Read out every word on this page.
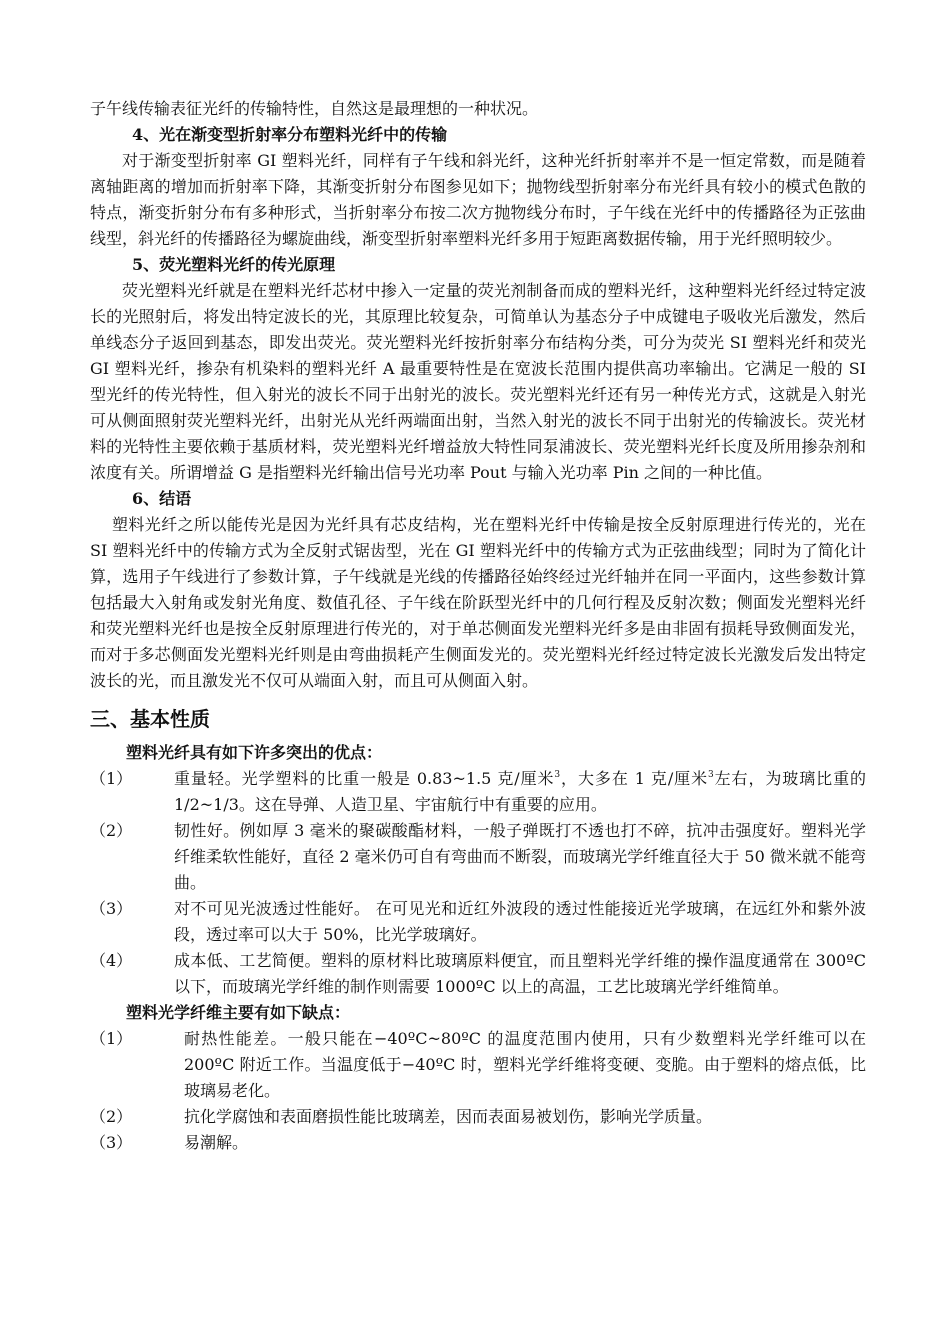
子午线传输表征光纤的传输特性，自然这是最理想的一种状况。

4、光在渐变型折射率分布塑料光纤中的传输

对于渐变型折射率 GI 塑料光纤，同样有子午线和斜光纤，这种光纤折射率并不是一恒定常数，而是随着离轴距离的增加而折射率下降，其渐变折射分布图参见如下；抛物线型折射率分布光纤具有较小的模式色散的特点，渐变折射分布有多种形式，当折射率分布按二次方抛物线分布时，子午线在光纤中的传播路径为正弦曲线型，斜光纤的传播路径为螺旋曲线，渐变型折射率塑料光纤多用于短距离数据传输，用于光纤照明较少。

5、荧光塑料光纤的传光原理

荧光塑料光纤就是在塑料光纤芯材中掺入一定量的荧光剂制备而成的塑料光纤，这种塑料光纤经过特定波长的光照射后，将发出特定波长的光，其原理比较复杂，可简单认为基态分子中成键电子吸收光后激发，然后单线态分子返回到基态，即发出荧光。荧光塑料光纤按折射率分布结构分类，可分为荧光 SI 塑料光纤和荧光 GI 塑料光纤，掺杂有机染料的塑料光纤 A 最重要特性是在宽波长范围内提供高功率输出。它满足一般的 SI 型光纤的传光特性，但入射光的波长不同于出射光的波长。荧光塑料光纤还有另一种传光方式，这就是入射光可从侧面照射荧光塑料光纤，出射光从光纤两端面出射，当然入射光的波长不同于出射光的传输波长。荧光材料的光特性主要依赖于基质材料，荧光塑料光纤增益放大特性同泵浦波长、荧光塑料光纤长度及所用掺杂剂和浓度有关。所谓增益 G 是指塑料光纤输出信号光功率 Pout 与输入光功率 Pin 之间的一种比值。

6、结语

塑料光纤之所以能传光是因为光纤具有芯皮结构，光在塑料光纤中传输是按全反射原理进行传光的，光在 SI 塑料光纤中的传输方式为全反射式锯齿型，光在 GI 塑料光纤中的传输方式为正弦曲线型；同时为了简化计算，选用子午线进行了参数计算，子午线就是光线的传播路径始终经过光纤轴并在同一平面内，这些参数计算包括最大入射角或发射光角度、数值孔径、子午线在阶跃型光纤中的几何行程及反射次数；侧面发光塑料光纤和荧光塑料光纤也是按全反射原理进行传光的，对于单芯侧面发光塑料光纤多是由非固有损耗导致侧面发光，而对于多芯侧面发光塑料光纤则是由弯曲损耗产生侧面发光的。荧光塑料光纤经过特定波长光激发后发出特定波长的光，而且激发光不仅可从端面入射，而且可从侧面入射。

三、基本性质

塑料光纤具有如下许多突出的优点：

（1）	重量轻。光学塑料的比重一般是 0.83~1.5 克/厘米$^3$，大多在 1 克/厘米$^3$左右，为玻璃比重的 1/2~1/3。这在导弹、人造卫星、宇宙航行中有重要的应用。
（2）	韧性好。例如厚 3 毫米的聚碳酸酯材料，一般子弹既打不透也打不碎，抗冲击强度好。塑料光学纤维柔软性能好，直径 2 毫米仍可自有弯曲而不断裂，而玻璃光学纤维直径大于 50 微米就不能弯曲。
（3）	对不可见光波透过性能好。 在可见光和近红外波段的透过性能接近光学玻璃，在远红外和紫外波段，透过率可以大于 50%，比光学玻璃好。
（4）	成本低、工艺简便。塑料的原材料比玻璃原料便宜，而且塑料光学纤维的操作温度通常在 300ºC 以下，而玻璃光学纤维的制作则需要 1000ºC 以上的高温，工艺比玻璃光学纤维简单。

塑料光学纤维主要有如下缺点：

（1）	耐热性能差。一般只能在−40ºC~80ºC 的温度范围内使用，只有少数塑料光学纤维可以在 200ºC 附近工作。当温度低于−40ºC 时，塑料光学纤维将变硬、变脆。由于塑料的熔点低，比玻璃易老化。
（2）	抗化学腐蚀和表面磨损性能比玻璃差，因而表面易被划伤，影响光学质量。
（3）	易潮解。
